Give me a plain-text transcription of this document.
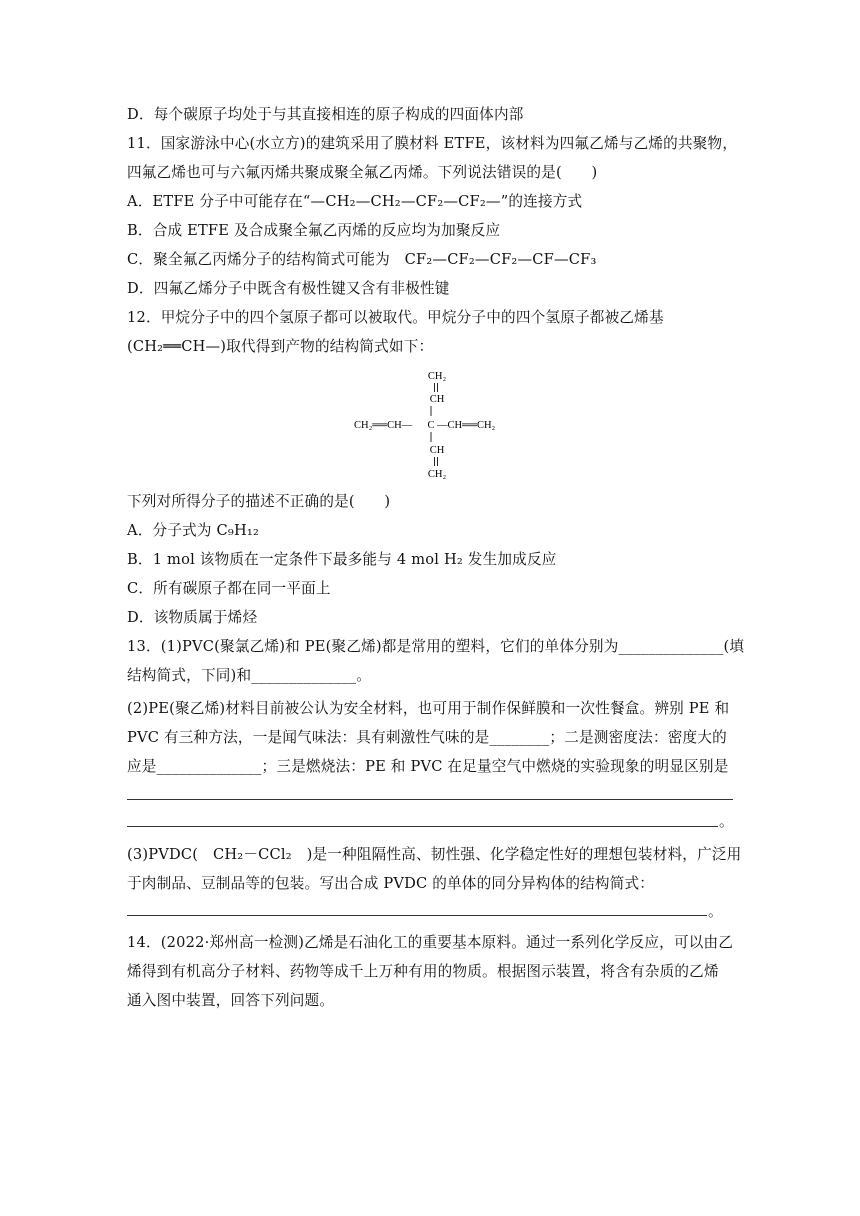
D．每个碳原子均处于与其直接相连的原子构成的四面体内部
11．国家游泳中心(水立方)的建筑采用了膜材料 ETFE，该材料为四氟乙烯与乙烯的共聚物，
四氟乙烯也可与六氟丙烯共聚成聚全氟乙丙烯。下列说法错误的是(　　)
A．ETFE 分子中可能存在“—CH₂—CH₂—CF₂—CF₂—”的连接方式
B．合成 ETFE 及合成聚全氟乙丙烯的反应均为加聚反应
C．聚全氟乙丙烯分子的结构简式可能为　CF₂—CF₂—CF₂—CF—CF₃
D．四氟乙烯分子中既含有极性键又含有非极性键
12．甲烷分子中的四个氢原子都可以被取代。甲烷分子中的四个氢原子都被乙烯基
(CH₂══CH—)取代得到产物的结构简式如下：
CH₂
CH
CH₂══CH— C —CH══CH₂
CH
CH₂
下列对所得分子的描述不正确的是(　　)
A．分子式为 C₉H₁₂
B．1 mol 该物质在一定条件下最多能与 4 mol H₂ 发生加成反应
C．所有碳原子都在同一平面上
D．该物质属于烯烃
13．(1)PVC(聚氯乙烯)和 PE(聚乙烯)都是常用的塑料，它们的单体分别为______________(填
结构简式，下同)和______________。
(2)PE(聚乙烯)材料目前被公认为安全材料，也可用于制作保鲜膜和一次性餐盒。辨别 PE 和
PVC 有三种方法，一是闻气味法：具有刺激性气味的是________；二是测密度法：密度大的
应是______________；三是燃烧法：PE 和 PVC 在足量空气中燃烧的实验现象的明显区别是
。
(3)PVDC(　CH₂－CCl₂　)是一种阻隔性高、韧性强、化学稳定性好的理想包装材料，广泛用
于肉制品、豆制品等的包装。写出合成 PVDC 的单体的同分异构体的结构简式：
。
14．(2022·郑州高一检测)乙烯是石油化工的重要基本原料。通过一系列化学反应，可以由乙
烯得到有机高分子材料、药物等成千上万种有用的物质。根据图示装置，将含有杂质的乙烯
通入图中装置，回答下列问题。
